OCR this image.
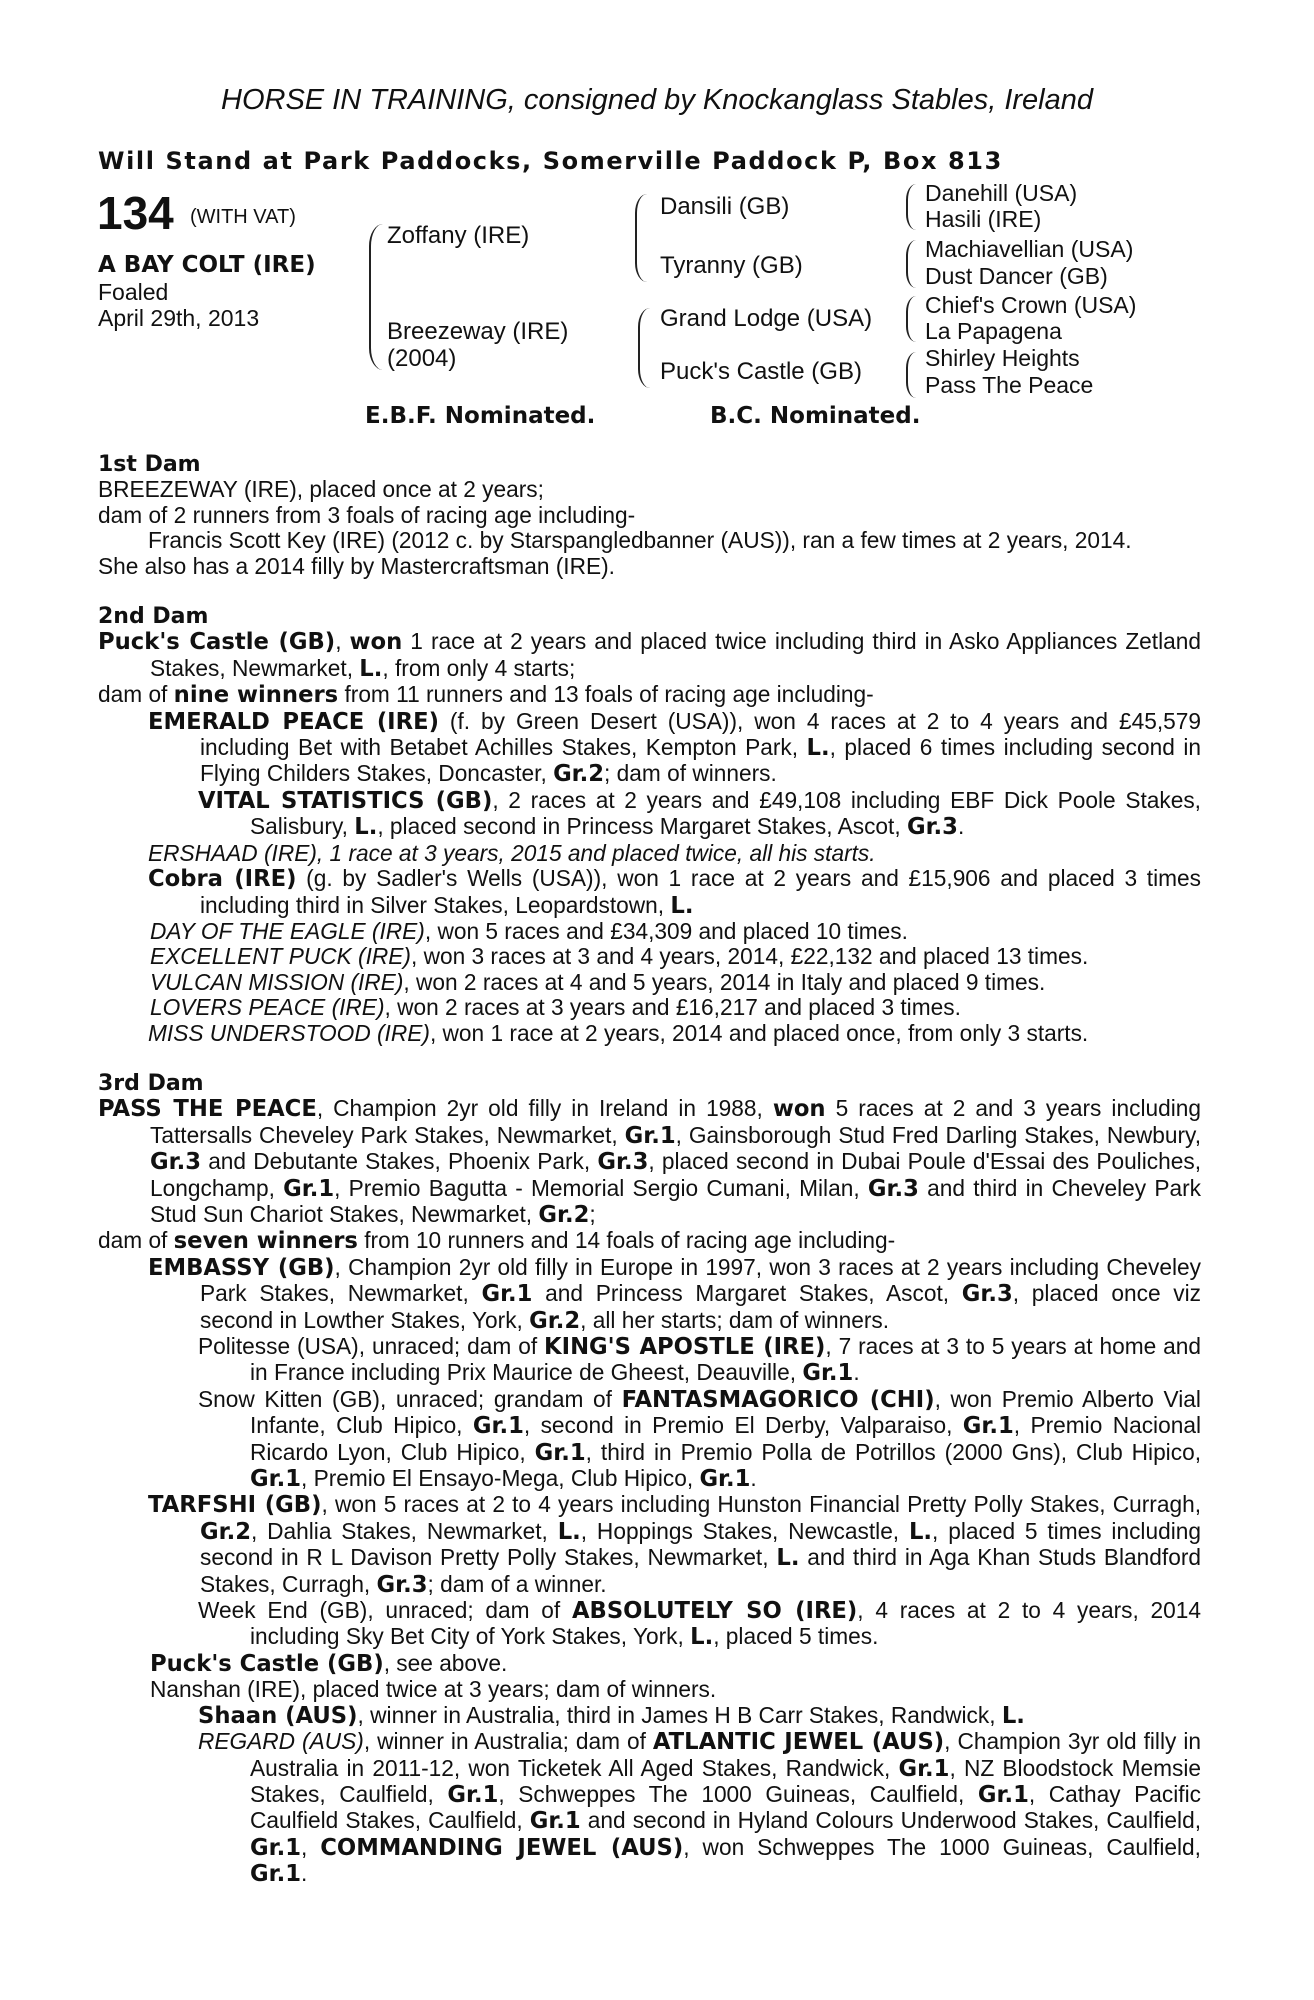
HORSE IN TRAINING, consigned by Knockanglass Stables, Ireland
Will Stand at Park Paddocks, Somerville Paddock P, Box 813
134 (WITH VAT)
A BAY COLT (IRE)
Foaled
April 29th, 2013
Zoffany (IRE)
Breezeway (IRE)
(2004)
Dansili (GB)
Tyranny (GB)
Grand Lodge (USA)
Puck's Castle (GB)
Danehill (USA)
Hasili (IRE)
Machiavellian (USA)
Dust Dancer (GB)
Chief's Crown (USA)
La Papagena
Shirley Heights
Pass The Peace
E.B.F. Nominated.	B.C. Nominated.
1st Dam
BREEZEWAY (IRE), placed once at 2 years;
dam of 2 runners from 3 foals of racing age including-
Francis Scott Key (IRE) (2012 c. by Starspangledbanner (AUS)), ran a few times at 2 years, 2014.
She also has a 2014 filly by Mastercraftsman (IRE).
2nd Dam
Puck's Castle (GB), won 1 race at 2 years and placed twice including third in Asko Appliances Zetland Stakes, Newmarket, L., from only 4 starts;
dam of nine winners from 11 runners and 13 foals of racing age including-
EMERALD PEACE (IRE) (f. by Green Desert (USA)), won 4 races at 2 to 4 years and £45,579 including Bet with Betabet Achilles Stakes, Kempton Park, L., placed 6 times including second in Flying Childers Stakes, Doncaster, Gr.2; dam of winners.
VITAL STATISTICS (GB), 2 races at 2 years and £49,108 including EBF Dick Poole Stakes, Salisbury, L., placed second in Princess Margaret Stakes, Ascot, Gr.3.
ERSHAAD (IRE), 1 race at 3 years, 2015 and placed twice, all his starts.
Cobra (IRE) (g. by Sadler's Wells (USA)), won 1 race at 2 years and £15,906 and placed 3 times including third in Silver Stakes, Leopardstown, L.
DAY OF THE EAGLE (IRE), won 5 races and £34,309 and placed 10 times.
EXCELLENT PUCK (IRE), won 3 races at 3 and 4 years, 2014, £22,132 and placed 13 times.
VULCAN MISSION (IRE), won 2 races at 4 and 5 years, 2014 in Italy and placed 9 times.
LOVERS PEACE (IRE), won 2 races at 3 years and £16,217 and placed 3 times.
MISS UNDERSTOOD (IRE), won 1 race at 2 years, 2014 and placed once, from only 3 starts.
3rd Dam
PASS THE PEACE, Champion 2yr old filly in Ireland in 1988, won 5 races at 2 and 3 years including Tattersalls Cheveley Park Stakes, Newmarket, Gr.1, Gainsborough Stud Fred Darling Stakes, Newbury, Gr.3 and Debutante Stakes, Phoenix Park, Gr.3, placed second in Dubai Poule d'Essai des Pouliches, Longchamp, Gr.1, Premio Bagutta - Memorial Sergio Cumani, Milan, Gr.3 and third in Cheveley Park Stud Sun Chariot Stakes, Newmarket, Gr.2;
dam of seven winners from 10 runners and 14 foals of racing age including-
EMBASSY (GB), Champion 2yr old filly in Europe in 1997, won 3 races at 2 years including Cheveley Park Stakes, Newmarket, Gr.1 and Princess Margaret Stakes, Ascot, Gr.3, placed once viz second in Lowther Stakes, York, Gr.2, all her starts; dam of winners.
Politesse (USA), unraced; dam of KING'S APOSTLE (IRE), 7 races at 3 to 5 years at home and in France including Prix Maurice de Gheest, Deauville, Gr.1.
Snow Kitten (GB), unraced; grandam of FANTASMAGORICO (CHI), won Premio Alberto Vial Infante, Club Hipico, Gr.1, second in Premio El Derby, Valparaiso, Gr.1, Premio Nacional Ricardo Lyon, Club Hipico, Gr.1, third in Premio Polla de Potrillos (2000 Gns), Club Hipico, Gr.1, Premio El Ensayo-Mega, Club Hipico, Gr.1.
TARFSHI (GB), won 5 races at 2 to 4 years including Hunston Financial Pretty Polly Stakes, Curragh, Gr.2, Dahlia Stakes, Newmarket, L., Hoppings Stakes, Newcastle, L., placed 5 times including second in R L Davison Pretty Polly Stakes, Newmarket, L. and third in Aga Khan Studs Blandford Stakes, Curragh, Gr.3; dam of a winner.
Week End (GB), unraced; dam of ABSOLUTELY SO (IRE), 4 races at 2 to 4 years, 2014 including Sky Bet City of York Stakes, York, L., placed 5 times.
Puck's Castle (GB), see above.
Nanshan (IRE), placed twice at 3 years; dam of winners.
Shaan (AUS), winner in Australia, third in James H B Carr Stakes, Randwick, L.
REGARD (AUS), winner in Australia; dam of ATLANTIC JEWEL (AUS), Champion 3yr old filly in Australia in 2011-12, won Ticketek All Aged Stakes, Randwick, Gr.1, NZ Bloodstock Memsie Stakes, Caulfield, Gr.1, Schweppes The 1000 Guineas, Caulfield, Gr.1, Cathay Pacific Caulfield Stakes, Caulfield, Gr.1 and second in Hyland Colours Underwood Stakes, Caulfield, Gr.1, COMMANDING JEWEL (AUS), won Schweppes The 1000 Guineas, Caulfield, Gr.1.
